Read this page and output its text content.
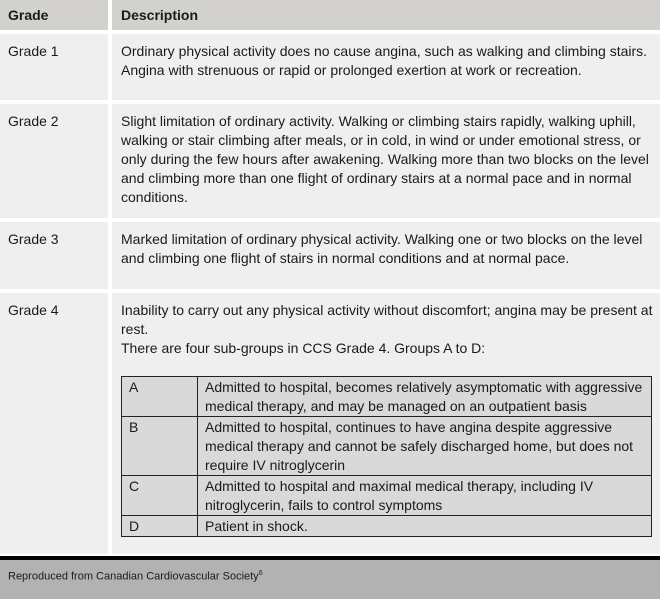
Grade	Description
Grade 1	Ordinary physical activity does no cause angina, such as walking and climbing stairs. Angina with strenuous or rapid or prolonged exertion at work or recreation.
Grade 2	Slight limitation of ordinary activity. Walking or climbing stairs rapidly, walking uphill, walking or stair climbing after meals, or in cold, in wind or under emotional stress, or only during the few hours after awakening. Walking more than two blocks on the level and climbing more than one flight of ordinary stairs at a normal pace and in normal conditions.
Grade 3	Marked limitation of ordinary physical activity. Walking one or two blocks on the level and climbing one flight of stairs in normal conditions and at normal pace.
Grade 4	Inability to carry out any physical activity without discomfort; angina may be present at rest.
There are four sub-groups in CCS Grade 4. Groups A to D:
A	Admitted to hospital, becomes relatively asymptomatic with aggressive medical therapy, and may be managed on an outpatient basis
B	Admitted to hospital, continues to have angina despite aggressive medical therapy and cannot be safely discharged home, but does not require IV nitroglycerin
C	Admitted to hospital and maximal medical therapy, including IV nitroglycerin, fails to control symptoms
D	Patient in shock.
Reproduced from Canadian Cardiovascular Society$^6$
